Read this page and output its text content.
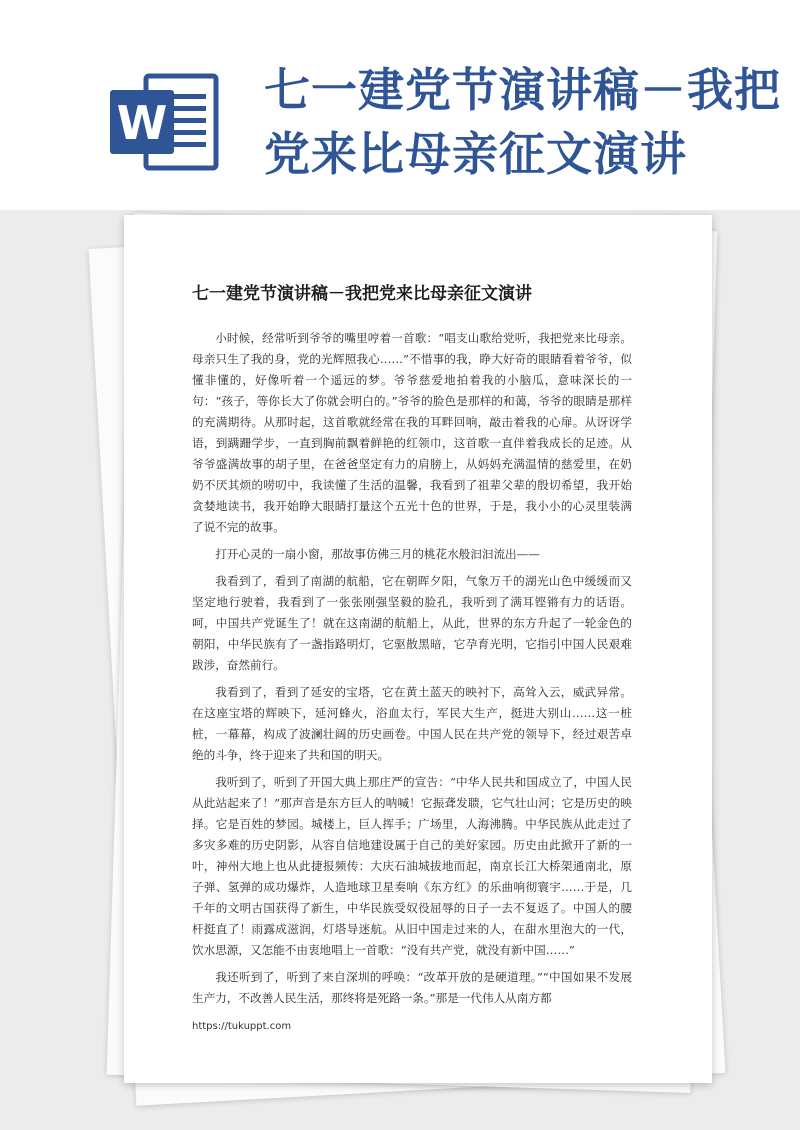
W
七一建党节演讲稿－我把党来比母亲征文演讲
七一建党节演讲稿－我把党来比母亲征文演讲

小时候，经常听到爷爷的嘴里哼着一首歌：“唱支山歌给党听，我把党来比母亲。母亲只生了我的身，党的光辉照我心……”不惜事的我，睁大好奇的眼睛看着爷爷，似懂非懂的，好像听着一个遥远的梦。爷爷慈爱地拍着我的小脑瓜，意味深长的一句：“孩子，等你长大了你就会明白的。”爷爷的脸色是那样的和蔼，爷爷的眼睛是那样的充满期待。从那时起，这首歌就经常在我的耳畔回响，敲击着我的心扉。从讶讶学语，到蹒跚学步，一直到胸前飘着鲜艳的红领巾，这首歌一直伴着我成长的足迹。从爷爷盛满故事的胡子里，在爸爸坚定有力的肩膀上，从妈妈充满温情的慈爱里，在奶奶不厌其烦的唠叨中，我读懂了生活的温馨，我看到了祖辈父辈的殷切希望，我开始贪婪地读书，我开始睁大眼睛打量这个五光十色的世界，于是，我小小的心灵里装满了说不完的故事。

打开心灵的一扇小窗，那故事仿佛三月的桃花水般汩汩流出——

我看到了，看到了南湖的航船，它在朝晖夕阳，气象万千的湖光山色中缓缓而又坚定地行驶着，我看到了一张张刚强坚毅的脸孔，我听到了满耳铿锵有力的话语。呵，中国共产党诞生了！就在这南湖的航船上，从此，世界的东方升起了一轮金色的朝阳，中华民族有了一盏指路明灯，它驱散黑暗，它孕育光明，它指引中国人民艰难跋涉，奋然前行。

我看到了，看到了延安的宝塔，它在黄土蓝天的映衬下，高耸入云，威武异常。在这座宝塔的辉映下，延河蜂火，浴血太行，军民大生产，挺进大别山……这一桩桩，一幕幕，构成了波澜壮阔的历史画卷。中国人民在共产党的领导下，经过艰苦卓绝的斗争，终于迎来了共和国的明天。

我听到了，听到了开国大典上那庄严的宣告：“中华人民共和国成立了，中国人民从此站起来了！”那声音是东方巨人的呐喊！它振聋发聩，它气壮山河；它是历史的映择。它是百姓的梦园。城楼上，巨人挥手；广场里，人海沸腾。中华民族从此走过了多灾多难的历史阴影，从容自信地建设属于自己的美好家园。历史由此掀开了新的一叶，神州大地上也从此捷报频传：大庆石油城拔地而起，南京长江大桥架通南北，原子弹、氢弹的成功爆炸，人造地球卫星奏响《东方红》的乐曲响彻寰宇……于是，几千年的文明古国获得了新生，中华民族受奴役屈辱的日子一去不复返了。中国人的腰杆挺直了！雨露成滋润，灯塔导迷航。从旧中国走过来的人，在甜水里泡大的一代，饮水思源，又怎能不由衷地唱上一首歌：“没有共产党，就没有新中国……”

我还听到了，听到了来自深圳的呼唤：“改革开放的是硬道理。”“中国如果不发展生产力，不改善人民生活，那终将是死路一条。”那是一代伟人从南方都

https://tukuppt.com
